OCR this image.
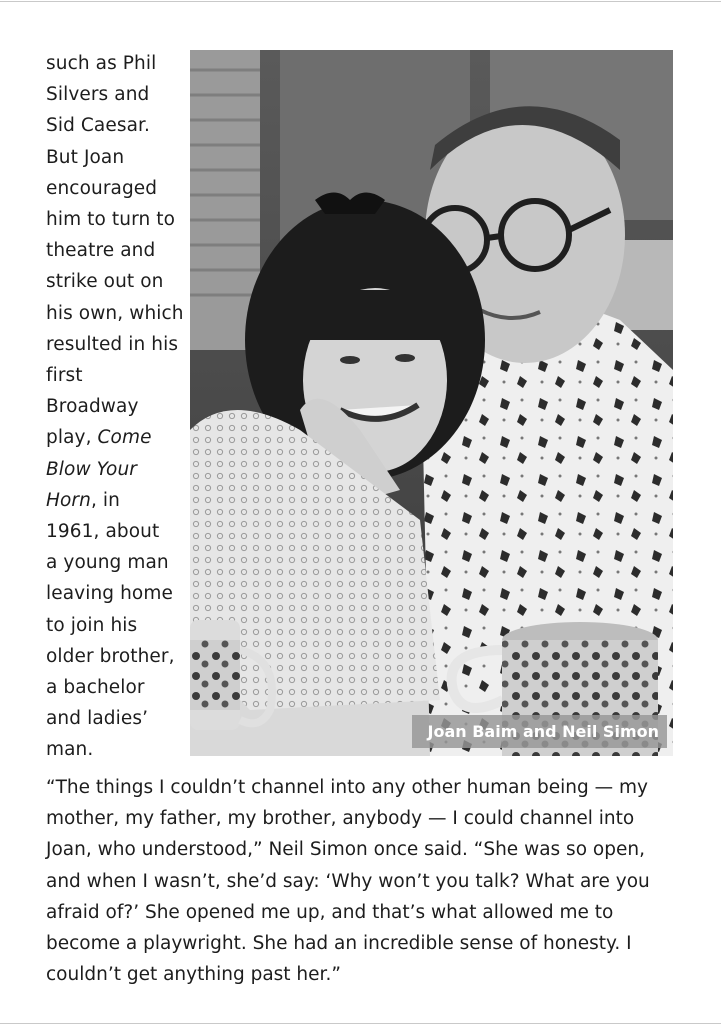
such as Phil
Silvers and
Sid Caesar.
But Joan
encouraged
him to turn to
theatre and
strike out on
his own, which
resulted in his
first
Broadway
play, Come
Blow Your
Horn, in
1961, about
a young man
leaving home
to join his
older brother,
a bachelor
and ladies’
man.

Joan Baim and Neil Simon

“The things I couldn’t channel into any other human being — my
mother, my father, my brother, anybody — I could channel into
Joan, who understood,” Neil Simon once said. “She was so open,
and when I wasn’t, she’d say: ‘Why won’t you talk? What are you
afraid of?’ She opened me up, and that’s what allowed me to
become a playwright. She had an incredible sense of honesty. I
couldn’t get anything past her.”
